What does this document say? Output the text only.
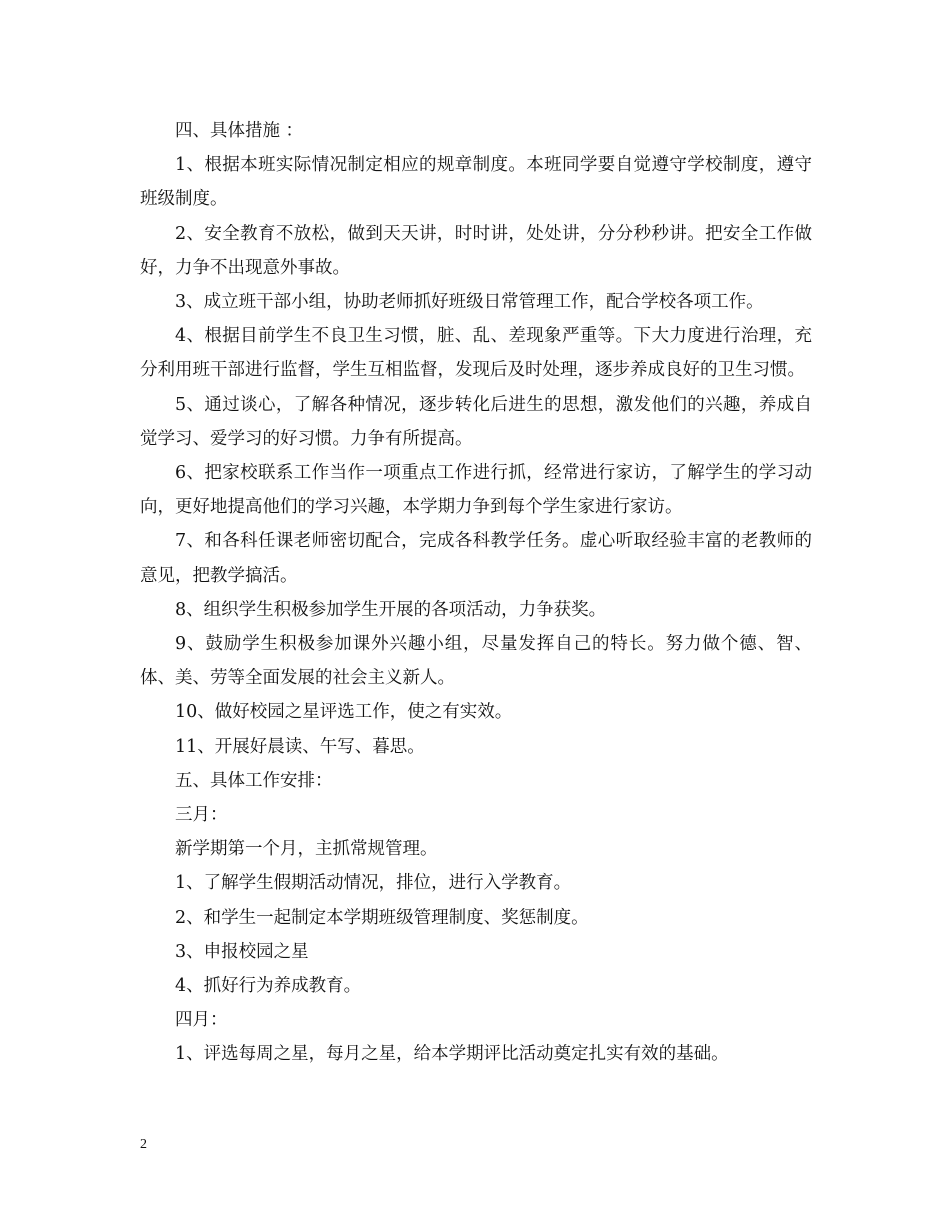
四、具体措施 ：

1、根据本班实际情况制定相应的规章制度。本班同学要自觉遵守学校制度，遵守班级制度。

2、安全教育不放松，做到天天讲，时时讲，处处讲，分分秒秒讲。把安全工作做好，力争不出现意外事故。

3、成立班干部小组，协助老师抓好班级日常管理工作，配合学校各项工作。

4、根据目前学生不良卫生习惯，脏、乱、差现象严重等。下大力度进行治理，充分利用班干部进行监督，学生互相监督，发现后及时处理，逐步养成良好的卫生习惯。

5、通过谈心，了解各种情况，逐步转化后进生的思想，激发他们的兴趣，养成自觉学习、爱学习的好习惯。力争有所提高。

6、把家校联系工作当作一项重点工作进行抓，经常进行家访，了解学生的学习动向，更好地提高他们的学习兴趣，本学期力争到每个学生家进行家访。

7、和各科任课老师密切配合，完成各科教学任务。虚心听取经验丰富的老教师的意见，把教学搞活。

8、组织学生积极参加学生开展的各项活动，力争获奖。

9、鼓励学生积极参加课外兴趣小组，尽量发挥自己的特长。努力做个德、智、体、美、劳等全面发展的社会主义新人。

10、做好校园之星评选工作，使之有实效。

11、开展好晨读、午写、暮思。

五、具体工作安排：

三月：

新学期第一个月，主抓常规管理。

1、了解学生假期活动情况，排位，进行入学教育。

2、和学生一起制定本学期班级管理制度、奖惩制度。

3、申报校园之星

4、抓好行为养成教育。

四月：

1、评选每周之星，每月之星，给本学期评比活动奠定扎实有效的基础。

2
